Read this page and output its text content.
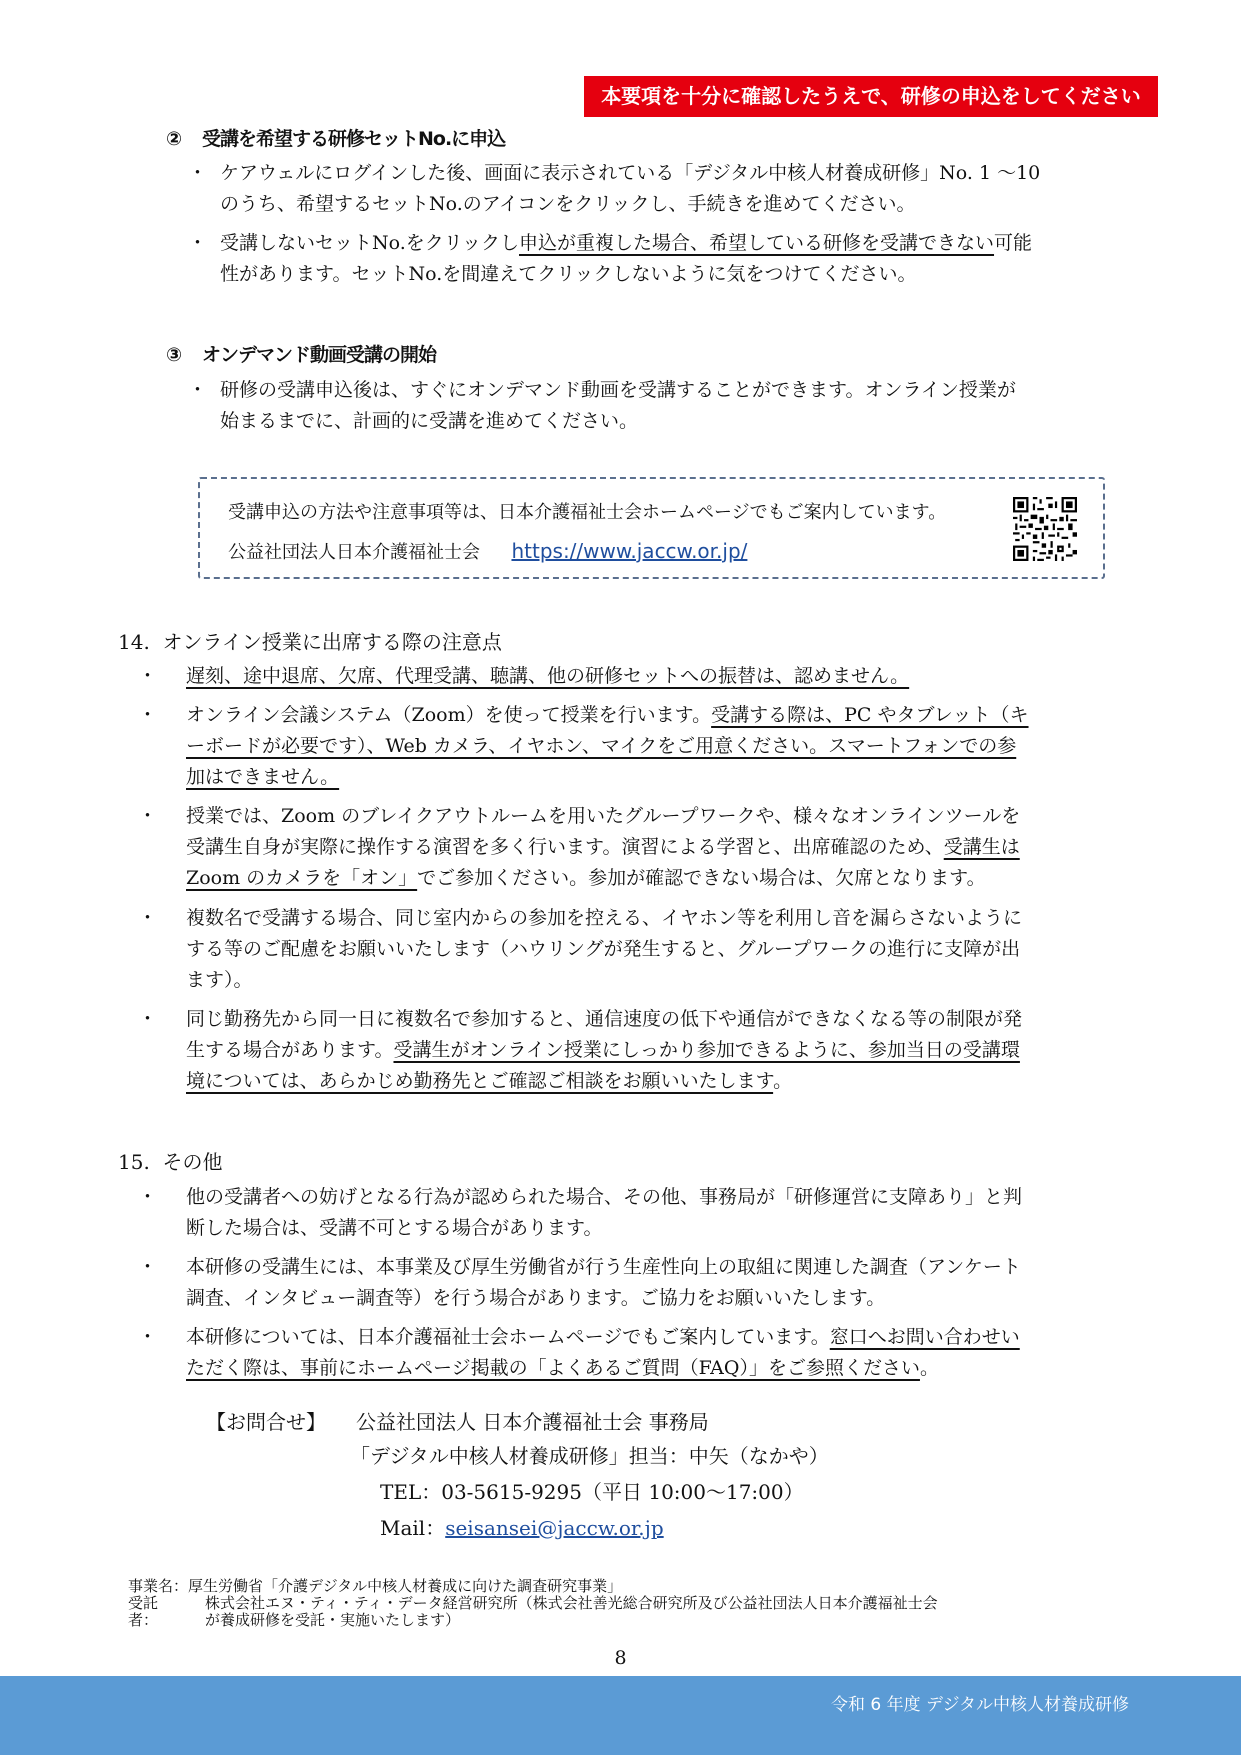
本要項を十分に確認したうえで、研修の申込をしてください
② 受講を希望する研修セットNo.に申込
・ ケアウェルにログインした後、画面に表示されている「デジタル中核人材養成研修」No. 1 〜10
のうち、希望するセットNo.のアイコンをクリックし、手続きを進めてください。
・ 受講しないセットNo.をクリックし申込が重複した場合、希望している研修を受講できない可能
性があります。セットNo.を間違えてクリックしないように気をつけてください。
③ オンデマンド動画受講の開始
・ 研修の受講申込後は、すぐにオンデマンド動画を受講することができます。オンライン授業が
始まるまでに、計画的に受講を進めてください。
受講申込の方法や注意事項等は、日本介護福祉士会ホームページでもご案内しています。
公益社団法人日本介護福祉士会 https://www.jaccw.or.jp/
14.  オンライン授業に出席する際の注意点
・ 遅刻、途中退席、欠席、代理受講、聴講、他の研修セットへの振替は、認めません。
・ オンライン会議システム（Zoom）を使って授業を行います。受講する際は、PC やタブレット（キ
ーボードが必要です）、Web カメラ、イヤホン、マイクをご用意ください。スマートフォンでの参
加はできません。
・ 授業では、Zoom のブレイクアウトルームを用いたグループワークや、様々なオンラインツールを
受講生自身が実際に操作する演習を多く行います。演習による学習と、出席確認のため、受講生は
Zoom のカメラを「オン」でご参加ください。参加が確認できない場合は、欠席となります。
・ 複数名で受講する場合、同じ室内からの参加を控える、イヤホン等を利用し音を漏らさないように
する等のご配慮をお願いいたします（ハウリングが発生すると、グループワークの進行に支障が出
ます）。
・ 同じ勤務先から同一日に複数名で参加すると、通信速度の低下や通信ができなくなる等の制限が発
生する場合があります。受講生がオンライン授業にしっかり参加できるように、参加当日の受講環
境については、あらかじめ勤務先とご確認ご相談をお願いいたします。
15.  その他
・ 他の受講者への妨げとなる行為が認められた場合、その他、事務局が「研修運営に支障あり」と判
断した場合は、受講不可とする場合があります。
・ 本研修の受講生には、本事業及び厚生労働省が行う生産性向上の取組に関連した調査（アンケート
調査、インタビュー調査等）を行う場合があります。ご協力をお願いいたします。
・ 本研修については、日本介護福祉士会ホームページでもご案内しています。窓口へお問い合わせい
ただく際は、事前にホームページ掲載の「よくあるご質問（FAQ）」をご参照ください。
【お問合せ】 公益社団法人 日本介護福祉士会 事務局
「デジタル中核人材養成研修」担当：中矢（なかや）
TEL：03-5615-9295（平日 10:00〜17:00）
Mail：seisansei@jaccw.or.jp
事業名：厚生労働省「介護デジタル中核人材養成に向けた調査研究事業」
受託者：
株式会社エヌ・ティ・ティ・データ経営研究所（株式会社善光総合研究所及び公益社団法人日本介護福祉士会
が養成研修を受託・実施いたします）
8
令和 6 年度 デジタル中核人材養成研修
